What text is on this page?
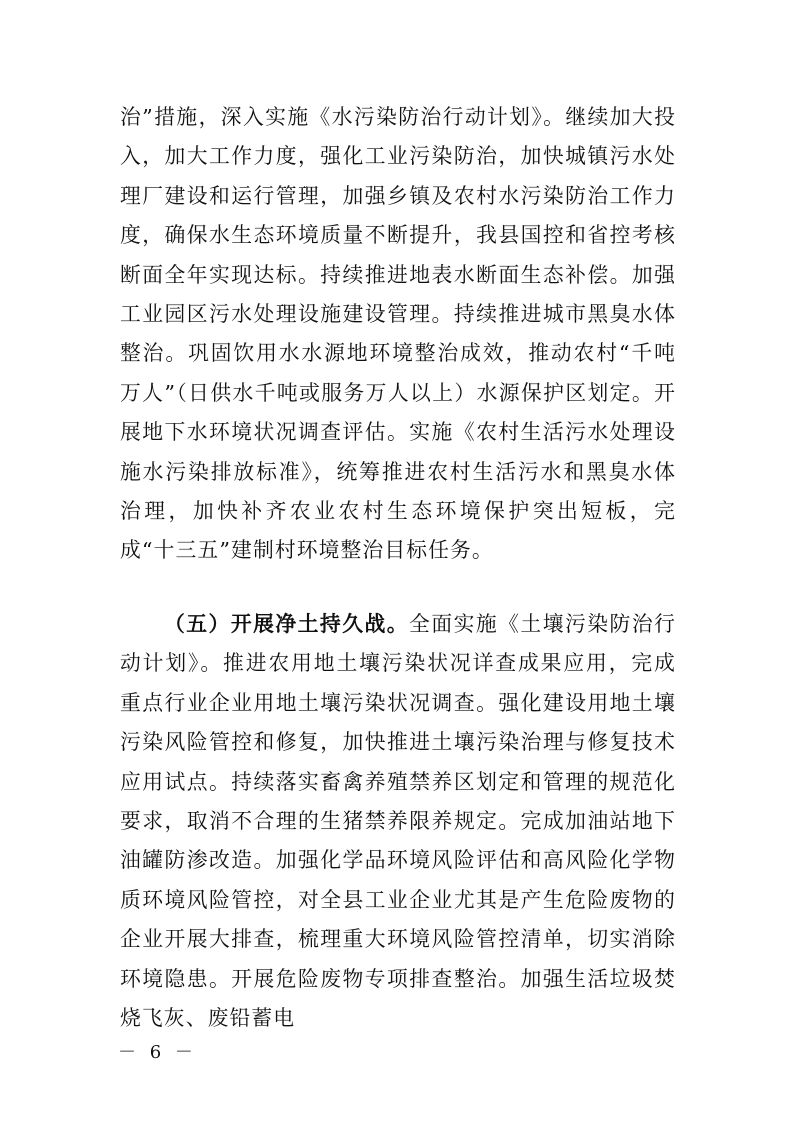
治”措施，深入实施《水污染防治行动计划》。继续加大投入，加大工作力度，强化工业污染防治，加快城镇污水处理厂建设和运行管理，加强乡镇及农村水污染防治工作力度，确保水生态环境质量不断提升，我县国控和省控考核断面全年实现达标。持续推进地表水断面生态补偿。加强工业园区污水处理设施建设管理。持续推进城市黑臭水体整治。巩固饮用水水源地环境整治成效，推动农村“千吨万人”（日供水千吨或服务万人以上）水源保护区划定。开展地下水环境状况调查评估。实施《农村生活污水处理设施水污染排放标准》，统筹推进农村生活污水和黑臭水体治理，加快补齐农业农村生态环境保护突出短板，完成“十三五”建制村环境整治目标任务。

（五）开展净土持久战。全面实施《土壤污染防治行动计划》。推进农用地土壤污染状况详查成果应用，完成重点行业企业用地土壤污染状况调查。强化建设用地土壤污染风险管控和修复，加快推进土壤污染治理与修复技术应用试点。持续落实畜禽养殖禁养区划定和管理的规范化要求，取消不合理的生猪禁养限养规定。完成加油站地下油罐防渗改造。加强化学品环境风险评估和高风险化学物质环境风险管控，对全县工业企业尤其是产生危险废物的企业开展大排查，梳理重大环境风险管控清单，切实消除环境隐患。开展危险废物专项排查整治。加强生活垃圾焚烧飞灰、废铅蓄电

－ 6 －
